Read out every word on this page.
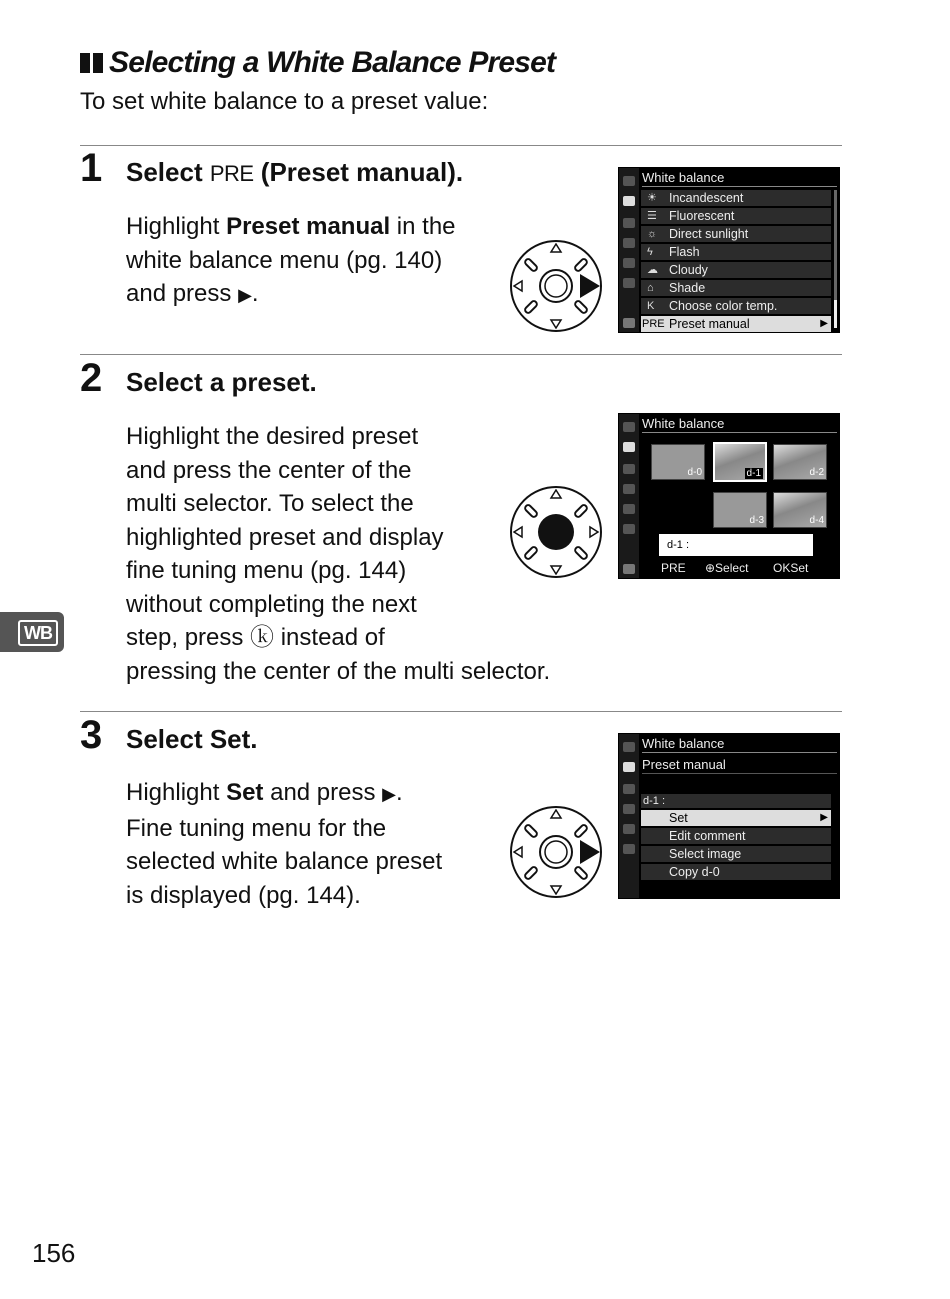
Selecting a White Balance Preset
To set white balance to a preset value:
1 Select PRE (Preset manual).
Highlight Preset manual in the
white balance menu (pg. 140)
and press ▶.
White balance
☀ Incandescent
☰ Fluorescent
☼ Direct sunlight
ϟ Flash
☁ Cloudy
⌂ Shade
K Choose color temp.
PRE Preset manual	▶
2 Select a preset.
Highlight the desired preset
and press the center of the
multi selector. To select the
highlighted preset and display
fine tuning menu (pg. 144)
without completing the next
step, press ⓚ instead of
pressing the center of the multi selector.
White balance
d-0	d-1	d-2
d-3	d-4
d-1 :
PRE ⊕Select OKSet
WB
3 Select Set.
Highlight Set and press ▶.
Fine tuning menu for the
selected white balance preset
is displayed (pg. 144).
White balance
Preset manual
d-1 :
Set	▶
Edit comment
Select image
Copy d-0
156
